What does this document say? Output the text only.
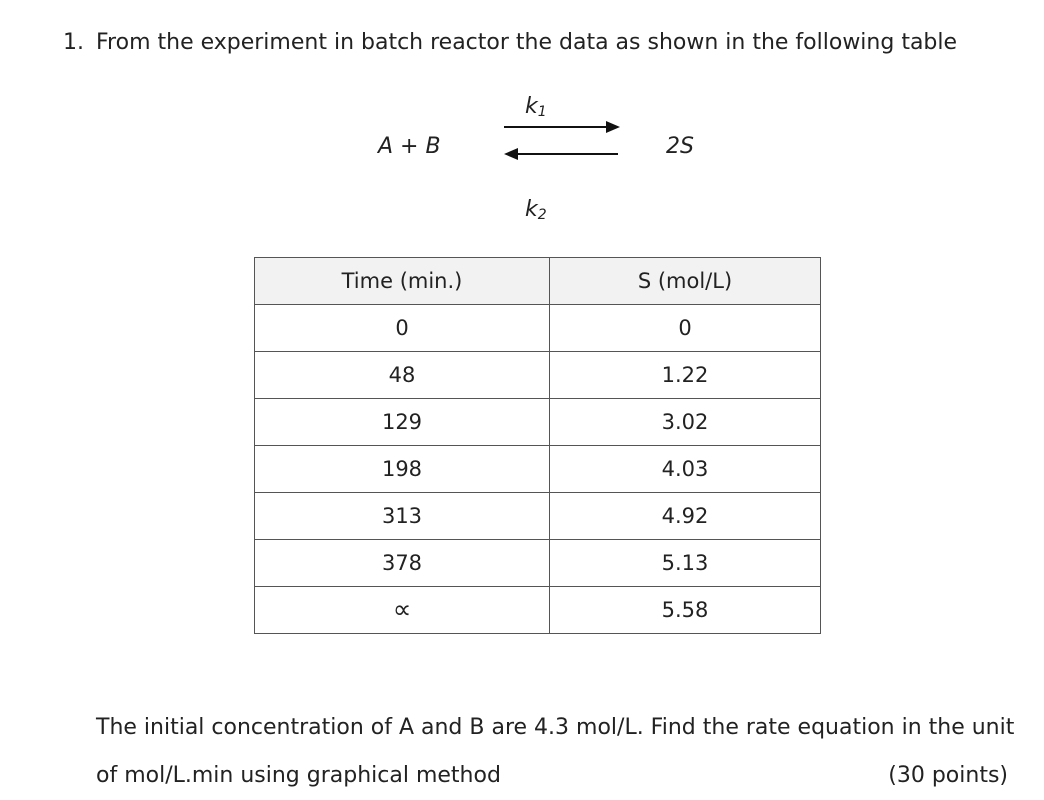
1. From the experiment in batch reactor the data as shown in the following table
$k_1$
A + B	2S
$k_2$
Time (min.)	S (mol/L)
0	0
48	1.22
129	3.02
198	4.03
313	4.92
378	5.13
∝	5.58
The initial concentration of A and B are 4.3 mol/L. Find the rate equation in the unit
of mol/L.min using graphical method	(30 points)
